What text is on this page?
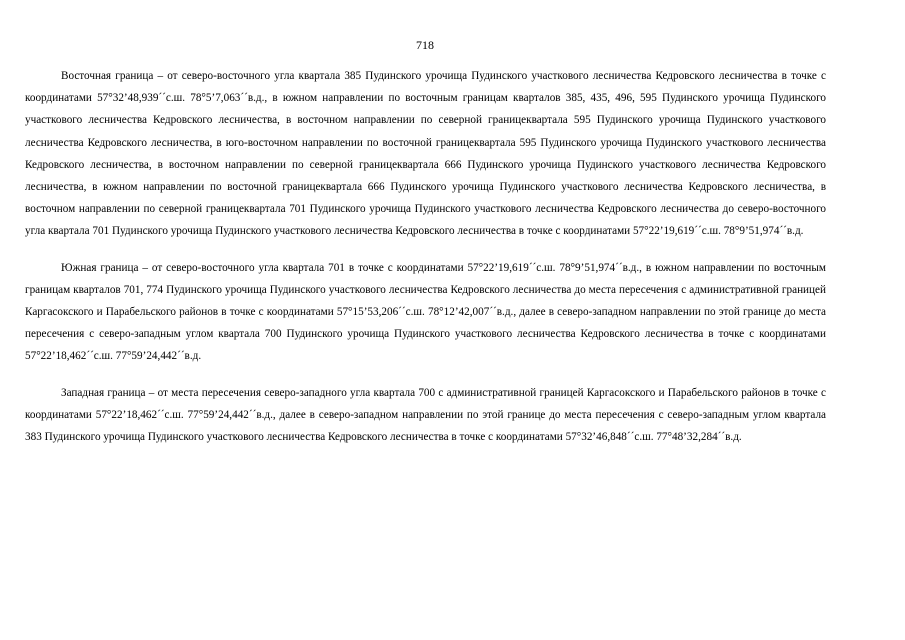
718

Восточная граница – от северо-восточного угла квартала 385 Пудинского урочища Пудинского участкового лесничества Кедровского лесничества в точке с координатами 57°32’48,939´´с.ш. 78°5’7,063´´в.д., в южном направлении по восточным границам кварталов 385, 435, 496, 595 Пудинского урочища Пудинского участкового лесничества Кедровского лесничества, в восточном направлении по северной границеквартала 595 Пудинского урочища Пудинского участкового лесничества Кедровского лесничества, в юго-восточном направлении по восточной границеквартала 595 Пудинского урочища Пудинского участкового лесничества Кедровского лесничества, в восточном направлении по северной границеквартала 666 Пудинского урочища Пудинского участкового лесничества Кедровского лесничества, в южном направлении по восточной границеквартала 666 Пудинского урочища Пудинского участкового лесничества Кедровского лесничества, в восточном направлении по северной границеквартала 701 Пудинского урочища Пудинского участкового лесничества Кедровского лесничества до северо-восточного угла квартала 701 Пудинского урочища Пудинского участкового лесничества Кедровского лесничества в точке с координатами 57°22’19,619´´с.ш. 78°9’51,974´´в.д.

Южная граница – от северо-восточного угла квартала 701 в точке с координатами 57°22’19,619´´с.ш. 78°9’51,974´´в.д., в южном направлении по восточным границам кварталов 701, 774 Пудинского урочища Пудинского участкового лесничества Кедровского лесничества до места пересечения с административной границей Каргасокского и Парабельского районов в точке с координатами 57°15’53,206´´с.ш. 78°12’42,007´´в.д., далее в северо-западном направлении по этой границе до места пересечения с северо-западным углом квартала 700 Пудинского урочища Пудинского участкового лесничества Кедровского лесничества в точке с координатами 57°22’18,462´´с.ш. 77°59’24,442´´в.д.

Западная граница – от места пересечения северо-западного угла квартала 700 с административной границей Каргасокского и Парабельского районов в точке с координатами 57°22’18,462´´с.ш. 77°59’24,442´´в.д., далее в северо-западном направлении по этой границе до места пересечения с северо-западным углом квартала 383 Пудинского урочища Пудинского участкового лесничества Кедровского лесничества в точке с координатами 57°32’46,848´´с.ш. 77°48’32,284´´в.д.
